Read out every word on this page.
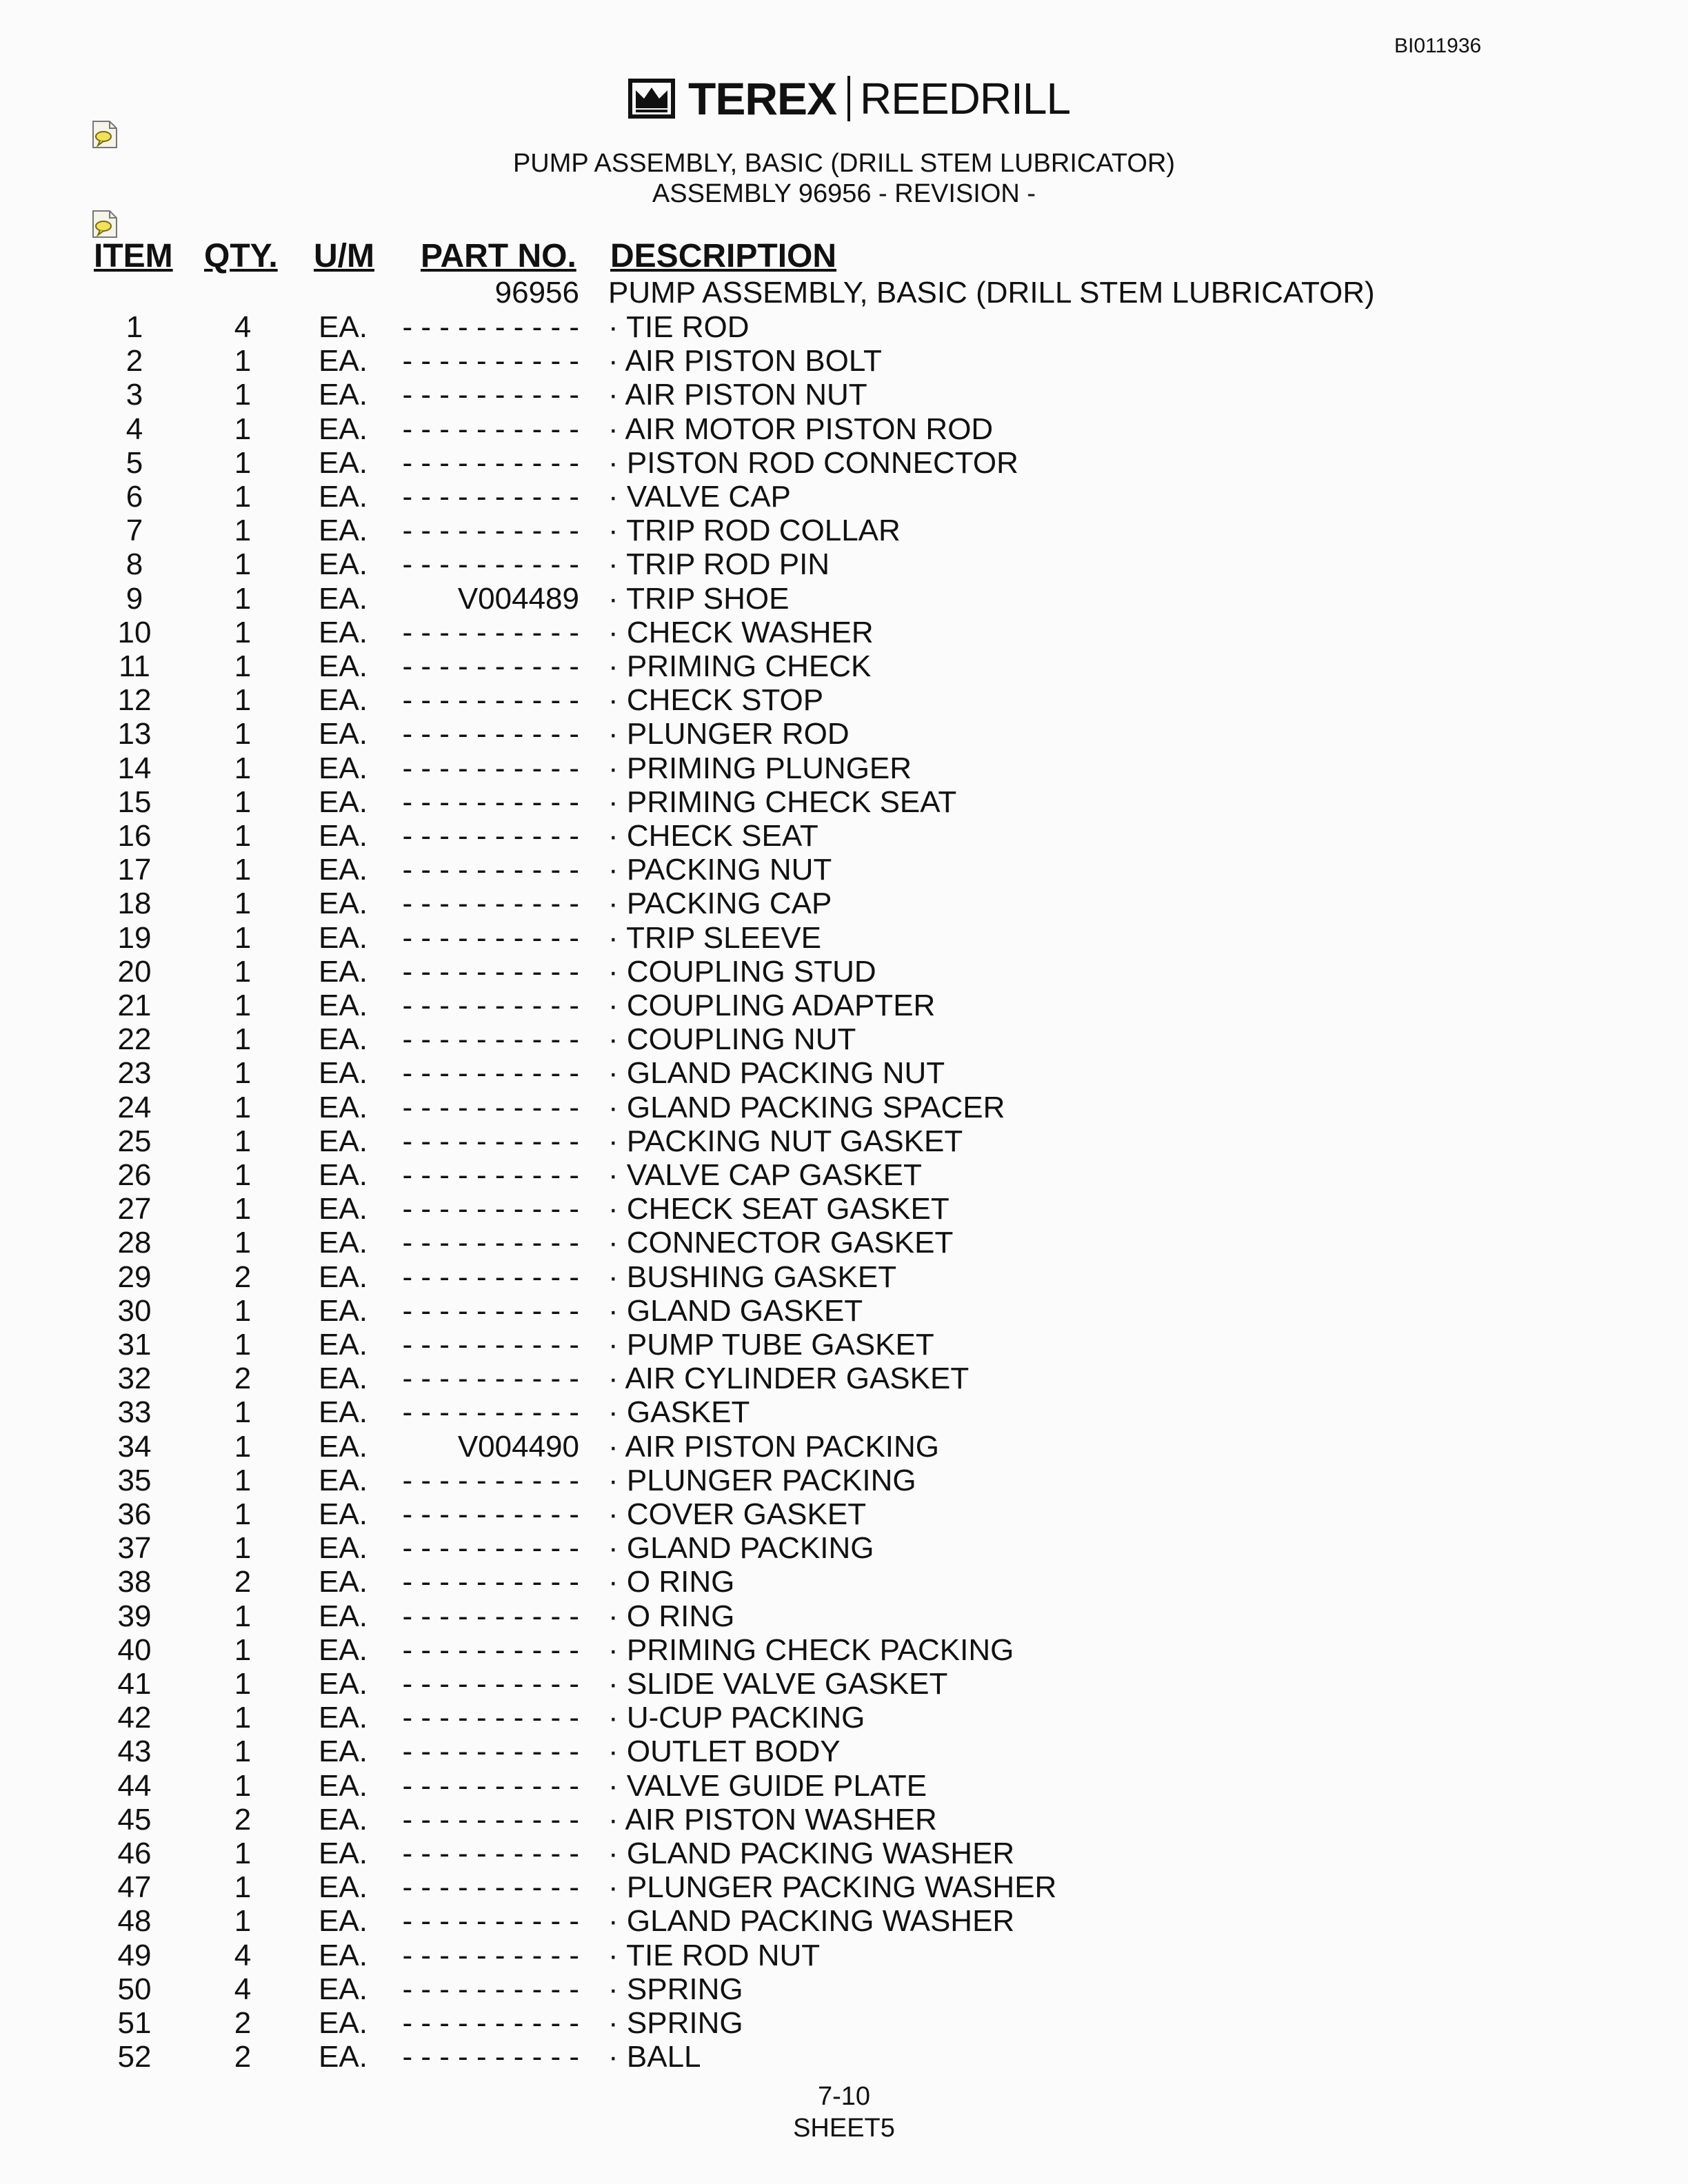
BI011936
TEREX REEDRILL
PUMP ASSEMBLY, BASIC (DRILL STEM LUBRICATOR)
ASSEMBLY 96956 - REVISION -
ITEM QTY. U/M PART NO. DESCRIPTION
96956 PUMP ASSEMBLY, BASIC (DRILL STEM LUBRICATOR)
1	4	EA.	- - - - - - - - - - · TIE ROD
2	1	EA.	- - - - - - - - - - · AIR PISTON BOLT
3	1	EA.	- - - - - - - - - - · AIR PISTON NUT
4	1	EA.	- - - - - - - - - - · AIR MOTOR PISTON ROD
5	1	EA.	- - - - - - - - - - · PISTON ROD CONNECTOR
6	1	EA.	- - - - - - - - - - · VALVE CAP
7	1	EA.	- - - - - - - - - - · TRIP ROD COLLAR
8	1	EA.	- - - - - - - - - - · TRIP ROD PIN
9	1	EA.	V004489 · TRIP SHOE
10	1	EA.	- - - - - - - - - - · CHECK WASHER
11	1	EA.	- - - - - - - - - - · PRIMING CHECK
12	1	EA.	- - - - - - - - - - · CHECK STOP
13	1	EA.	- - - - - - - - - - · PLUNGER ROD
14	1	EA.	- - - - - - - - - - · PRIMING PLUNGER
15	1	EA.	- - - - - - - - - - · PRIMING CHECK SEAT
16	1	EA.	- - - - - - - - - - · CHECK SEAT
17	1	EA.	- - - - - - - - - - · PACKING NUT
18	1	EA.	- - - - - - - - - - · PACKING CAP
19	1	EA.	- - - - - - - - - - · TRIP SLEEVE
20	1	EA.	- - - - - - - - - - · COUPLING STUD
21	1	EA.	- - - - - - - - - - · COUPLING ADAPTER
22	1	EA.	- - - - - - - - - - · COUPLING NUT
23	1	EA.	- - - - - - - - - - · GLAND PACKING NUT
24	1	EA.	- - - - - - - - - - · GLAND PACKING SPACER
25	1	EA.	- - - - - - - - - - · PACKING NUT GASKET
26	1	EA.	- - - - - - - - - - · VALVE CAP GASKET
27	1	EA.	- - - - - - - - - - · CHECK SEAT GASKET
28	1	EA.	- - - - - - - - - - · CONNECTOR GASKET
29	2	EA.	- - - - - - - - - - · BUSHING GASKET
30	1	EA.	- - - - - - - - - - · GLAND GASKET
31	1	EA.	- - - - - - - - - - · PUMP TUBE GASKET
32	2	EA.	- - - - - - - - - - · AIR CYLINDER GASKET
33	1	EA.	- - - - - - - - - - · GASKET
34	1	EA.	V004490 · AIR PISTON PACKING
35	1	EA.	- - - - - - - - - - · PLUNGER PACKING
36	1	EA.	- - - - - - - - - - · COVER GASKET
37	1	EA.	- - - - - - - - - - · GLAND PACKING
38	2	EA.	- - - - - - - - - - · O RING
39	1	EA.	- - - - - - - - - - · O RING
40	1	EA.	- - - - - - - - - - · PRIMING CHECK PACKING
41	1	EA.	- - - - - - - - - - · SLIDE VALVE GASKET
42	1	EA.	- - - - - - - - - - · U-CUP PACKING
43	1	EA.	- - - - - - - - - - · OUTLET BODY
44	1	EA.	- - - - - - - - - - · VALVE GUIDE PLATE
45	2	EA.	- - - - - - - - - - · AIR PISTON WASHER
46	1	EA.	- - - - - - - - - - · GLAND PACKING WASHER
47	1	EA.	- - - - - - - - - - · PLUNGER PACKING WASHER
48	1	EA.	- - - - - - - - - - · GLAND PACKING WASHER
49	4	EA.	- - - - - - - - - - · TIE ROD NUT
50	4	EA.	- - - - - - - - - - · SPRING
51	2	EA.	- - - - - - - - - - · SPRING
52	2	EA.	- - - - - - - - - - · BALL
7-10
SHEET5
